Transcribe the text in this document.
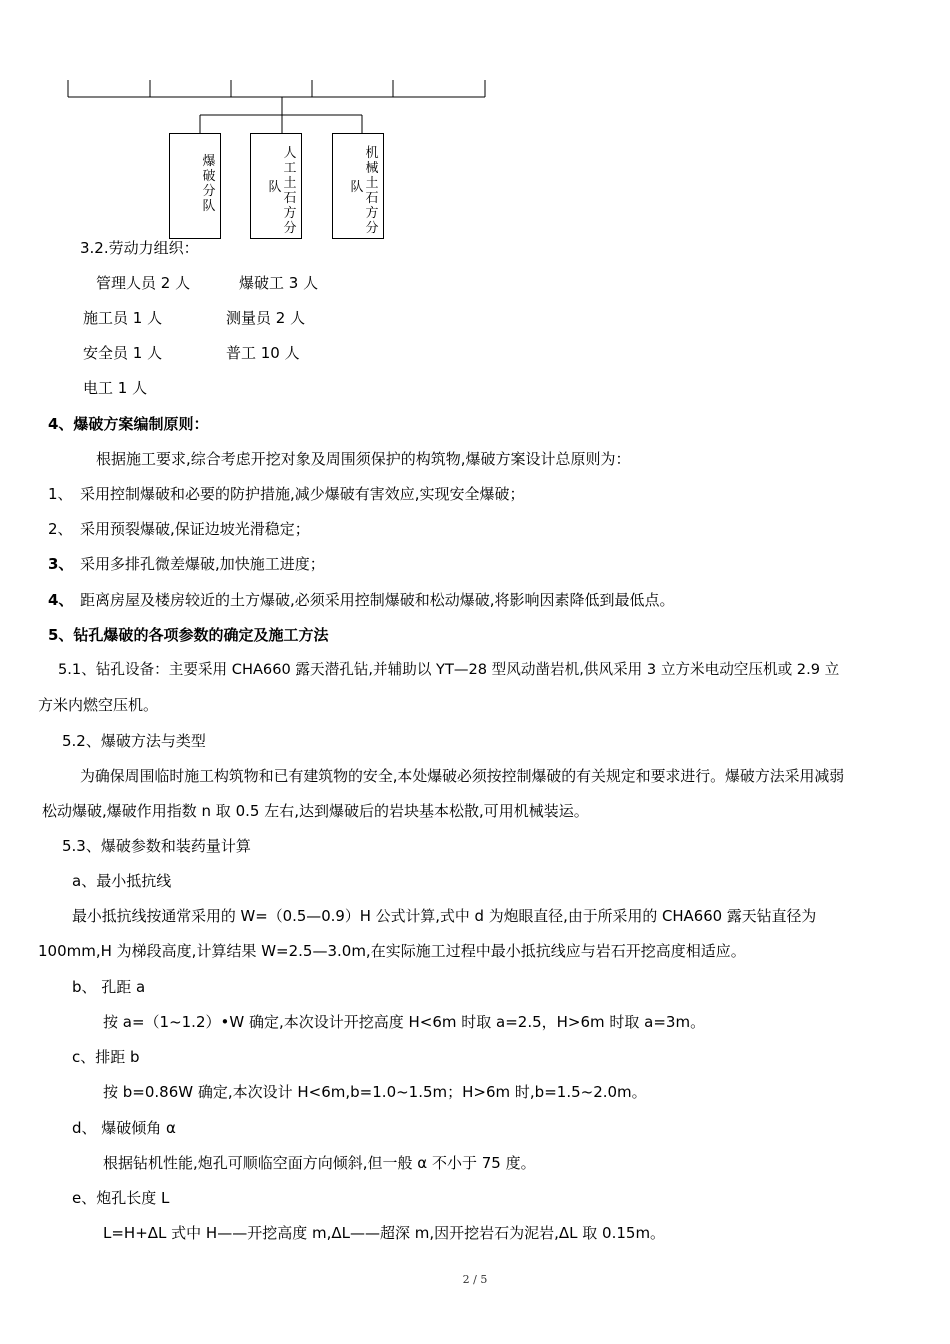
爆破分队
人工土石方分
队
机械土石方分
队
3.2.劳动力组织：
管理人员 2 人	爆破工 3 人
施工员 1 人	测量员 2 人
安全员 1 人	普工 10 人
电工 1 人
4、爆破方案编制原则：
根据施工要求,综合考虑开挖对象及周围须保护的构筑物,爆破方案设计总原则为：
1、 采用控制爆破和必要的防护措施,减少爆破有害效应,实现安全爆破；
2、 采用预裂爆破,保证边坡光滑稳定；
3、 采用多排孔微差爆破,加快施工进度；
4、 距离房屋及楼房较近的土方爆破,必须采用控制爆破和松动爆破,将影响因素降低到最低点。
5、钻孔爆破的各项参数的确定及施工方法
5.1、钻孔设备：主要采用 CHA660 露天潜孔钻,并辅助以 YT—28 型风动凿岩机,供风采用 3 立方米电动空压机或 2.9 立
方米内燃空压机。
5.2、爆破方法与类型
为确保周围临时施工构筑物和已有建筑物的安全,本处爆破必须按控制爆破的有关规定和要求进行。爆破方法采用减弱
松动爆破,爆破作用指数 n 取 0.5 左右,达到爆破后的岩块基本松散,可用机械装运。
5.3、爆破参数和装药量计算
a、最小抵抗线
最小抵抗线按通常采用的 W=（0.5—0.9）H 公式计算,式中 d 为炮眼直径,由于所采用的 CHA660 露天钻直径为
100mm,H 为梯段高度,计算结果 W=2.5—3.0m,在实际施工过程中最小抵抗线应与岩石开挖高度相适应。
b、 孔距 a
按 a=（1~1.2）•W 确定,本次设计开挖高度 H<6m 时取 a=2.5，H>6m 时取 a=3m。
c、排距 b
按 b=0.86W 确定,本次设计 H<6m,b=1.0~1.5m；H>6m 时,b=1.5~2.0m。
d、 爆破倾角 α
根据钻机性能,炮孔可顺临空面方向倾斜,但一般 α 不小于 75 度。
e、炮孔长度 L
L=H+ΔL 式中 H——开挖高度 m,ΔL——超深 m,因开挖岩石为泥岩,ΔL 取 0.15m。
2 / 5
